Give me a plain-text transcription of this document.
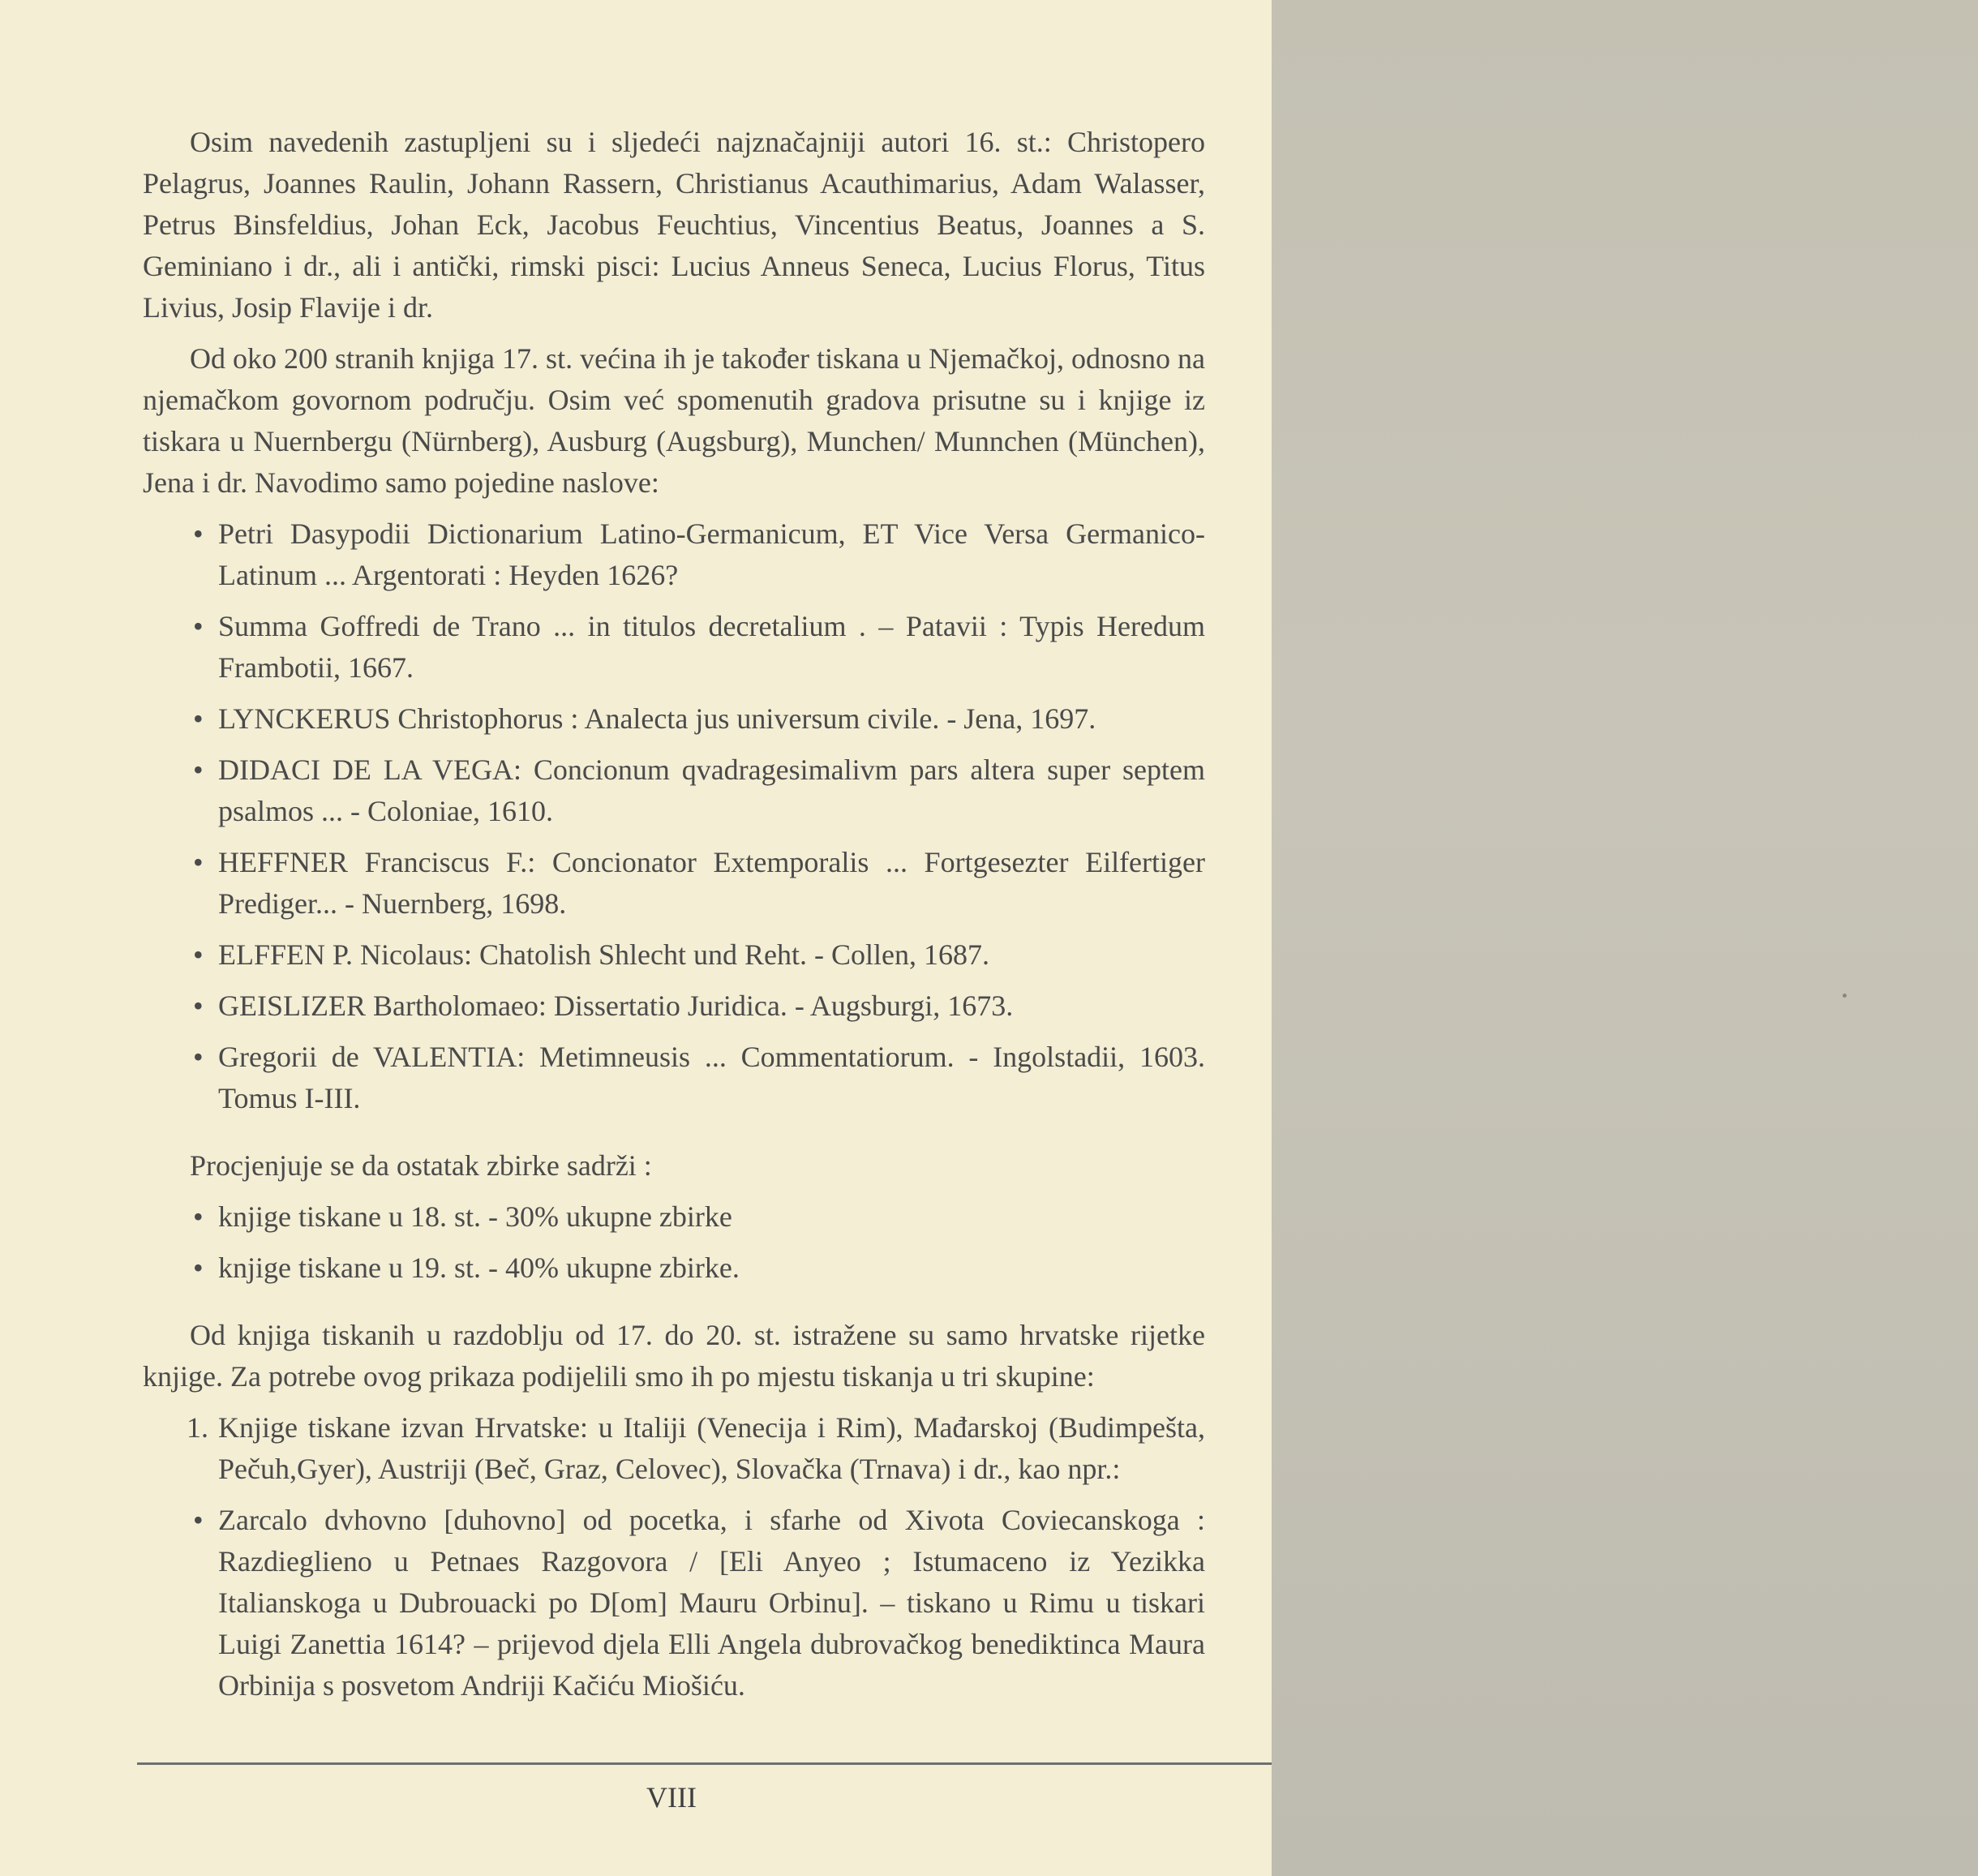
Osim navedenih zastupljeni su i sljedeći najznačajniji autori 16. st.: Christopero Pelagrus, Joannes Raulin, Johann Rassern, Christianus Acauthimarius, Adam Walasser, Petrus Binsfeldius, Johan Eck, Jacobus Feuchtius, Vincentius Beatus, Joannes a S. Geminiano i dr., ali i antički, rimski pisci: Lucius Anneus Seneca, Lucius Florus, Titus Livius, Josip Flavije i dr.

Od oko 200 stranih knjiga 17. st. većina ih je također tiskana u Njemačkoj, odnosno na njemačkom govornom području. Osim već spomenutih gradova prisutne su i knjige iz tiskara u Nuernbergu (Nürnberg), Ausburg (Augsburg), Munchen/ Munnchen (München), Jena i dr. Navodimo samo pojedine naslove:

• Petri Dasypodii Dictionarium Latino-Germanicum, ET Vice Versa Germanico-Latinum ... Argentorati : Heyden 1626?
• Summa Goffredi de Trano ... in titulos decretalium . – Patavii : Typis Heredum Frambotii, 1667.
• LYNCKERUS Christophorus : Analecta jus universum civile. - Jena, 1697.
• DIDACI DE LA VEGA: Concionum qvadragesimalivm pars altera super septem psalmos ... - Coloniae, 1610.
• HEFFNER Franciscus F.: Concionator Extemporalis ... Fortgesezter Eilfertiger Prediger... - Nuernberg, 1698.
• ELFFEN P. Nicolaus: Chatolish Shlecht und Reht. - Collen, 1687.
• GEISLIZER Bartholomaeo: Dissertatio Juridica. - Augsburgi, 1673.
• Gregorii de VALENTIA: Metimneusis ... Commentatiorum. - Ingolstadii, 1603. Tomus I-III.

Procjenjuje se da ostatak zbirke sadrži :

• knjige tiskane u 18. st. - 30% ukupne zbirke
• knjige tiskane u 19. st. - 40% ukupne zbirke.

Od knjiga tiskanih u razdoblju od 17. do 20. st. istražene su samo hrvatske rijetke knjige. Za potrebe ovog prikaza podijelili smo ih po mjestu tiskanja u tri skupine:

1. Knjige tiskane izvan Hrvatske: u Italiji (Venecija i Rim), Mađarskoj (Budimpešta, Pečuh,Gyer), Austriji (Beč, Graz, Celovec), Slovačka (Trnava) i dr., kao npr.:
• Zarcalo dvhovno [duhovno] od pocetka, i sfarhe od Xivota Coviecanskoga : Razdieglieno u Petnaes Razgovora / [Eli Anyeo ; Istumaceno iz Yezikka Italianskoga u Dubrouacki po D[om] Mauru Orbinu]. – tiskano u Rimu u tiskari Luigi Zanettia 1614? – prijevod djela Elli Angela dubrovačkog benediktinca Maura Orbinija s posvetom Andriji Kačiću Miošiću.
VIII
